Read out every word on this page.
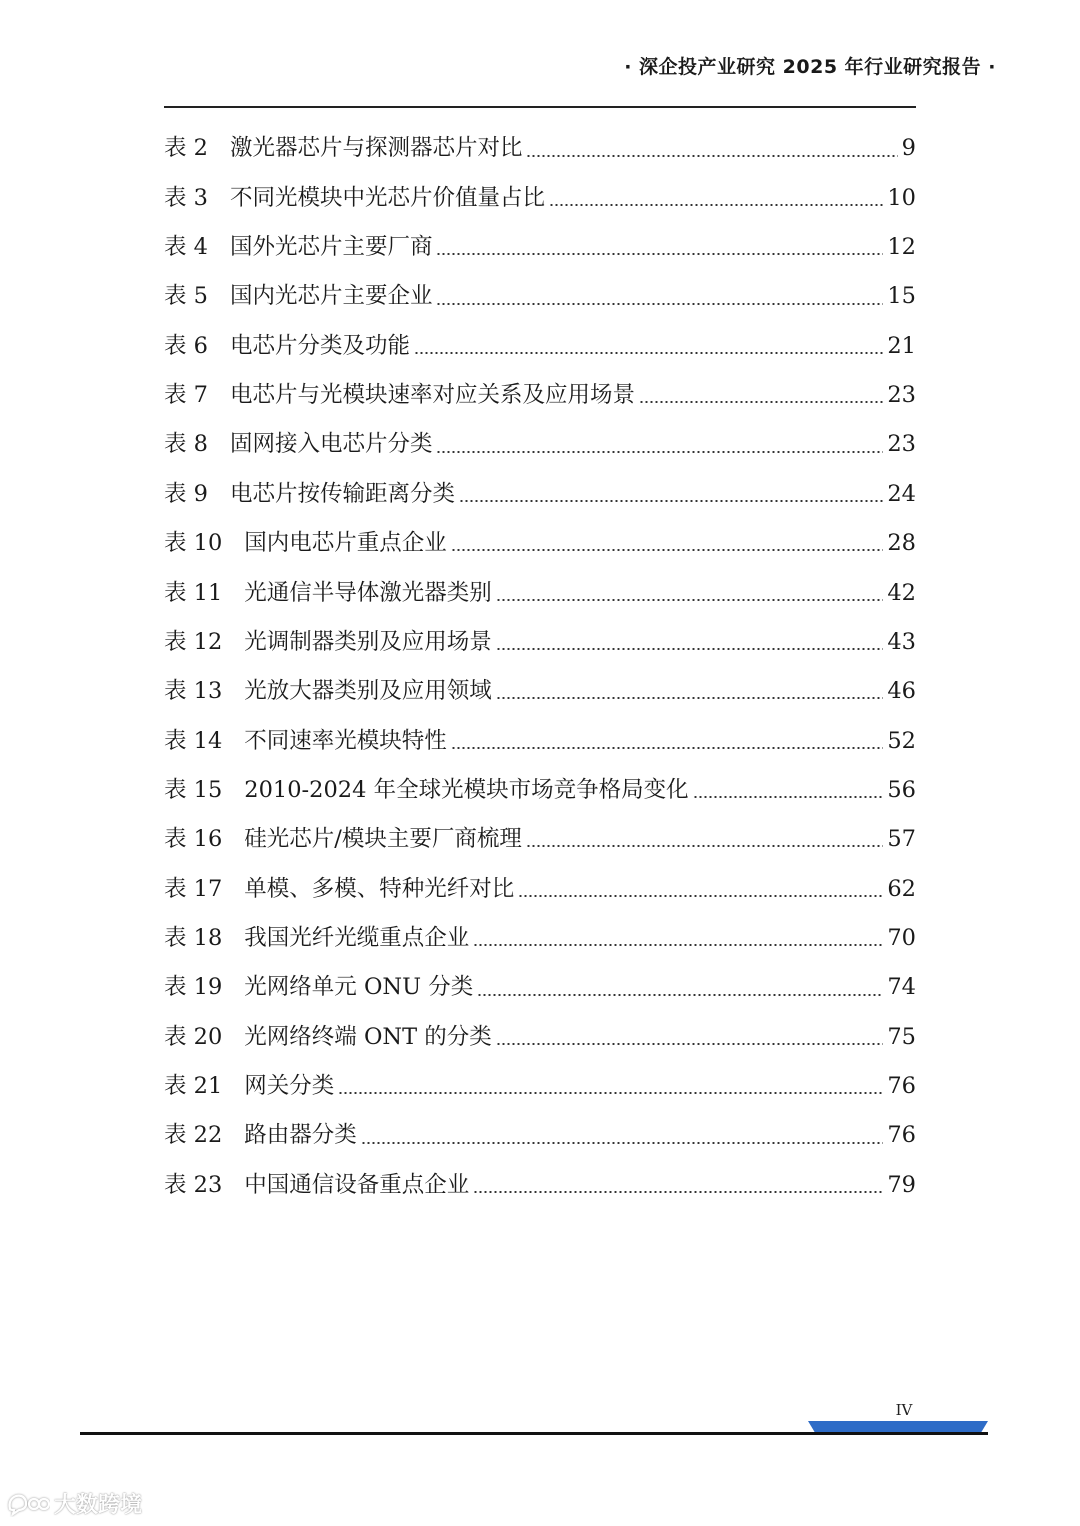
· 深企投产业研究 2025 年行业研究报告 ·
表 2 激光器芯片与探测器芯片对比	9
表 3 不同光模块中光芯片价值量占比	10
表 4 国外光芯片主要厂商	12
表 5 国内光芯片主要企业	15
表 6 电芯片分类及功能	21
表 7 电芯片与光模块速率对应关系及应用场景	23
表 8 固网接入电芯片分类	23
表 9 电芯片按传输距离分类	24
表 10 国内电芯片重点企业	28
表 11 光通信半导体激光器类别	42
表 12 光调制器类别及应用场景	43
表 13 光放大器类别及应用领域	46
表 14 不同速率光模块特性	52
表 15 2010-2024 年全球光模块市场竞争格局变化	56
表 16 硅光芯片/模块主要厂商梳理	57
表 17 单模、多模、特种光纤对比	62
表 18 我国光纤光缆重点企业	70
表 19 光网络单元 ONU 分类	74
表 20 光网络终端 ONT 的分类	75
表 21 网关分类	76
表 22 路由器分类	76
表 23 中国通信设备重点企业	79
IV
大数跨境
